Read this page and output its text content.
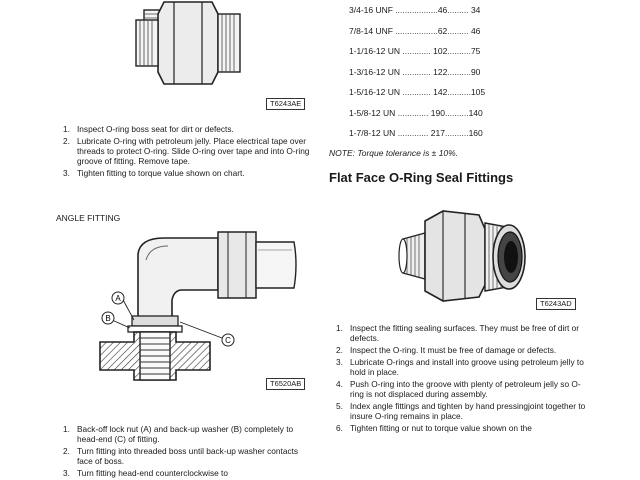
T6243AE
1. Inspect O-ring boss seat for dirt or defects.
2. Lubricate O-ring with petroleum jelly. Place electrical tape over threads to protect O-ring. Slide O-ring over tape and into O-ring groove of fitting. Remove tape.
3. Tighten fitting to torque value shown on chart.
ANGLE FITTING
A
B
C
T6520AB
1. Back-off lock nut (A) and back-up washer (B) completely to head-end (C) of fitting.
2. Turn fitting into threaded boss until back-up washer contacts face of boss.
3. Turn fitting head-end counterclockwise to
3/4-16 UNF ..................46......... 34
7/8-14 UNF ..................62......... 46
1-1/16-12 UN ............ 102..........75
1-3/16-12 UN ............ 122..........90
1-5/16-12 UN ............ 142..........105
1-5/8-12 UN ............. 190..........140
1-7/8-12 UN ............. 217..........160
NOTE: Torque tolerance is ± 10%.
Flat Face O-Ring Seal Fittings
T6243AD
1. Inspect the fitting sealing surfaces. They must be free of dirt or defects.
2. Inspect the O-ring. It must be free of damage or defects.
3. Lubricate O-rings and install into groove using petroleum jelly to hold in place.
4. Push O-ring into the groove with plenty of petroleum jelly so O-ring is not displaced during assembly.
5. Index angle fittings and tighten by hand pressingjoint together to insure O-ring remains in place.
6. Tighten fitting or nut to torque value shown on the
